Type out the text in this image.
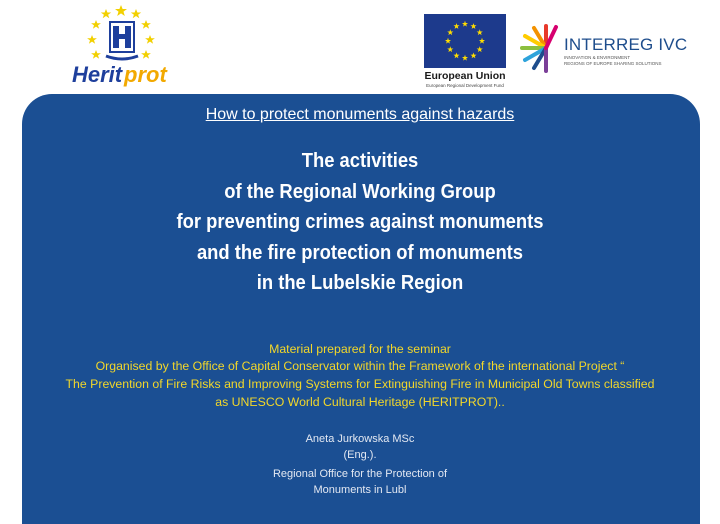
Herit prot	European Union
European Regional Development Fund
INTERREG IVC
INNOVATION & ENVIRONMENT
REGIONS OF EUROPE SHARING SOLUTIONS

How to protect monuments against hazards

The activities
of the Regional Working Group
for preventing crimes against monuments
and the fire protection of monuments
in the Lubelskie Region

Material prepared for the seminar

Organised by the Office of Capital Conservator within the Framework of the international Project “

The Prevention of Fire Risks and Improving Systems for Extinguishing Fire in Municipal Old Towns classified

as UNESCO World Cultural Heritage (HERITPROT)..

Aneta Jurkowska MSc

(Eng.).

Regional Office for the Protection of

Monuments in Lubl
